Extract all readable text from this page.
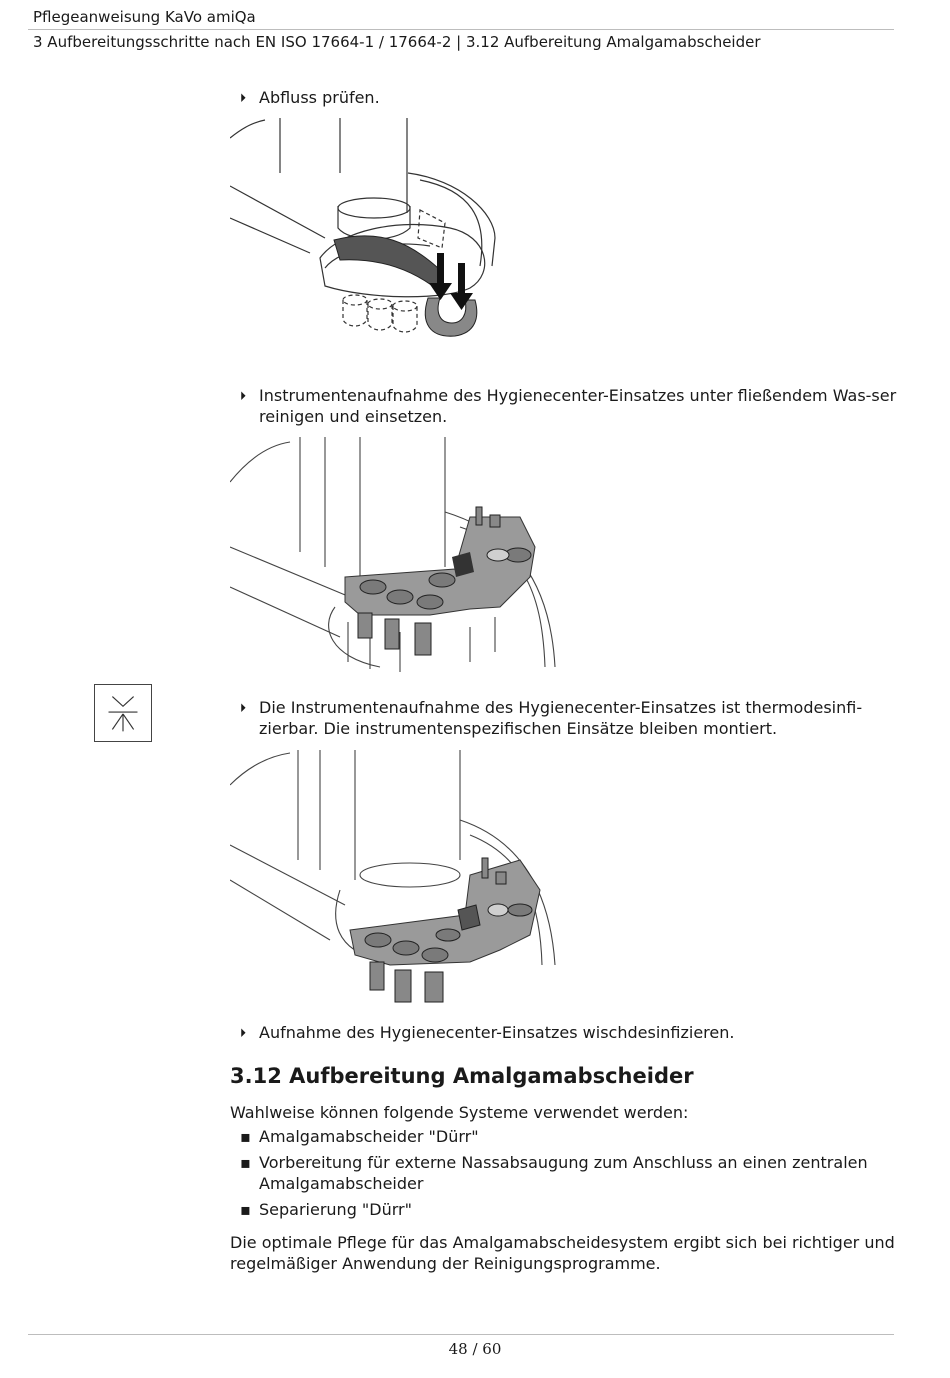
Pflegeanweisung KaVo amiQa
3 Aufbereitungsschritte nach EN ISO 17664-1 / 17664-2 | 3.12 Aufbereitung Amalgamabscheider
⏵ Abfluss prüfen.
⏵ Instrumentenaufnahme des Hygienecenter-Einsatzes unter fließendem Was-ser reinigen und einsetzen.
⏵ Die Instrumentenaufnahme des Hygienecenter-Einsatzes ist thermodesinfi-zierbar. Die instrumentenspezifischen Einsätze bleiben montiert.
⏵ Aufnahme des Hygienecenter-Einsatzes wischdesinfizieren.
3.12 Aufbereitung Amalgamabscheider
Wahlweise können folgende Systeme verwendet werden:
▪ Amalgamabscheider "Dürr"
▪ Vorbereitung für externe Nassabsaugung zum Anschluss an einen zentralen Amalgamabscheider
▪ Separierung "Dürr"
Die optimale Pflege für das Amalgamabscheidesystem ergibt sich bei richtiger und regelmäßiger Anwendung der Reinigungsprogramme.
48 / 60
